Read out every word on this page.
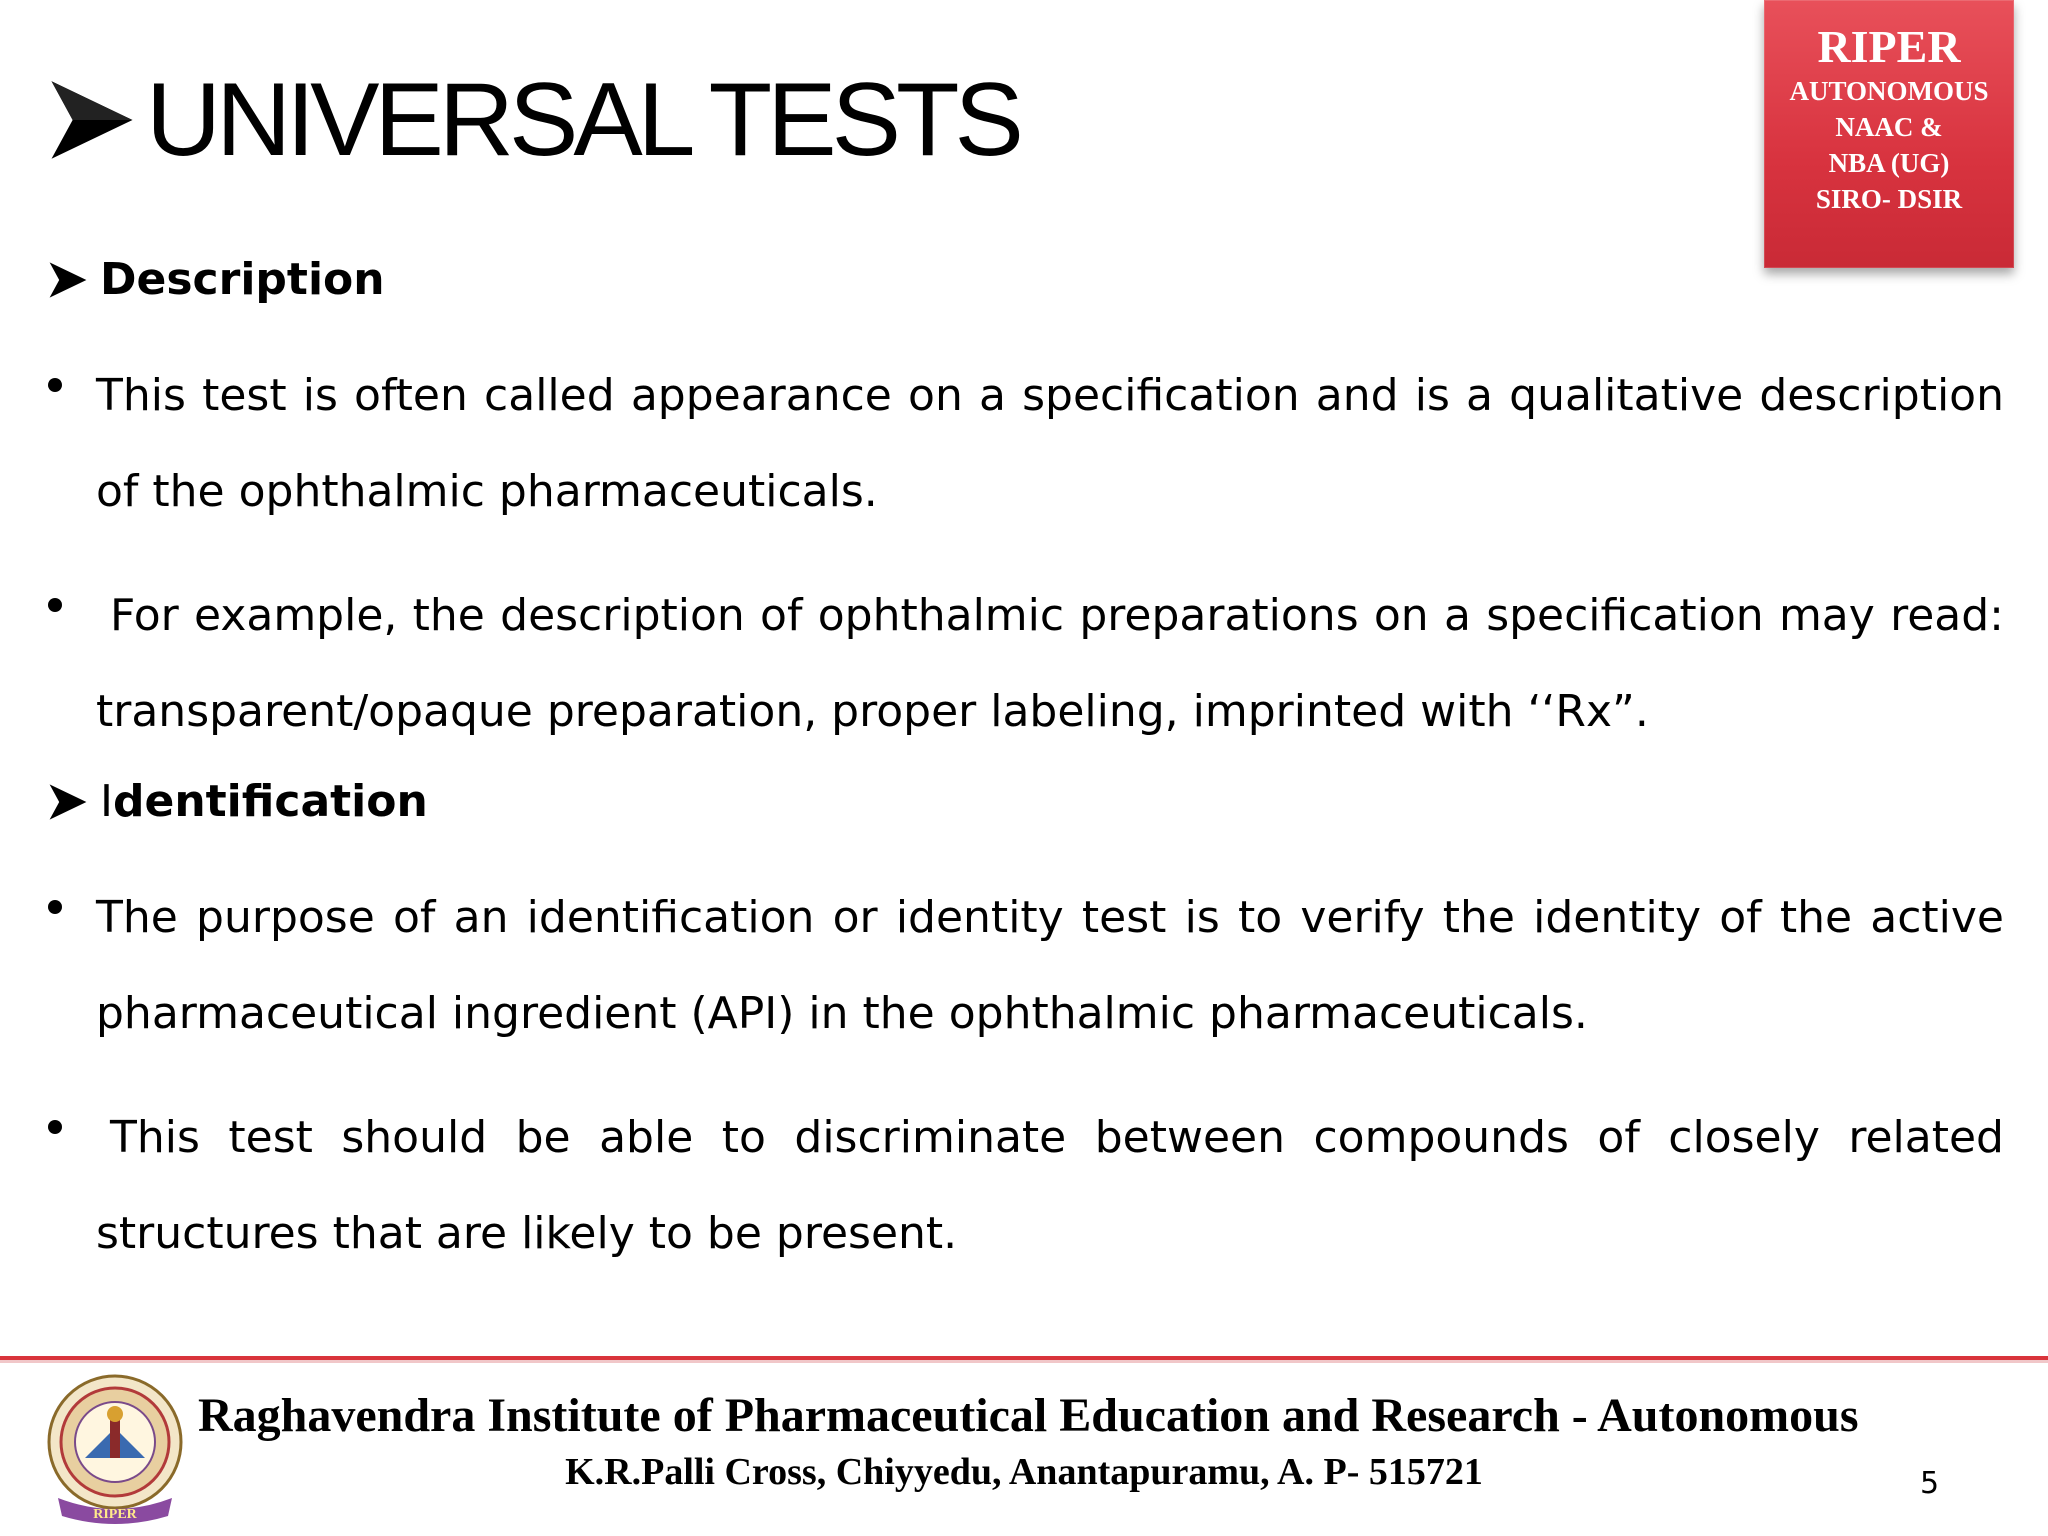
UNIVERSAL TESTS
RIPER
AUTONOMOUS
NAAC &
NBA (UG)
SIRO- DSIR
Description
This test is often called appearance on a specification and is a qualitative description of the ophthalmic pharmaceuticals.
For example, the description of ophthalmic preparations on a specification may read: transparent/opaque preparation, proper labeling, imprinted with ‘‘Rx”.
I dentification
The purpose of an identification or identity test is to verify the identity of the active pharmaceutical ingredient (API) in the ophthalmic pharmaceuticals.
This test should be able to discriminate between compounds of closely related structures that are likely to be present.
RIPER
Raghavendra Institute of Pharmaceutical Education and Research - Autonomous
K.R.Palli Cross, Chiyyedu, Anantapuramu, A. P- 515721	5
